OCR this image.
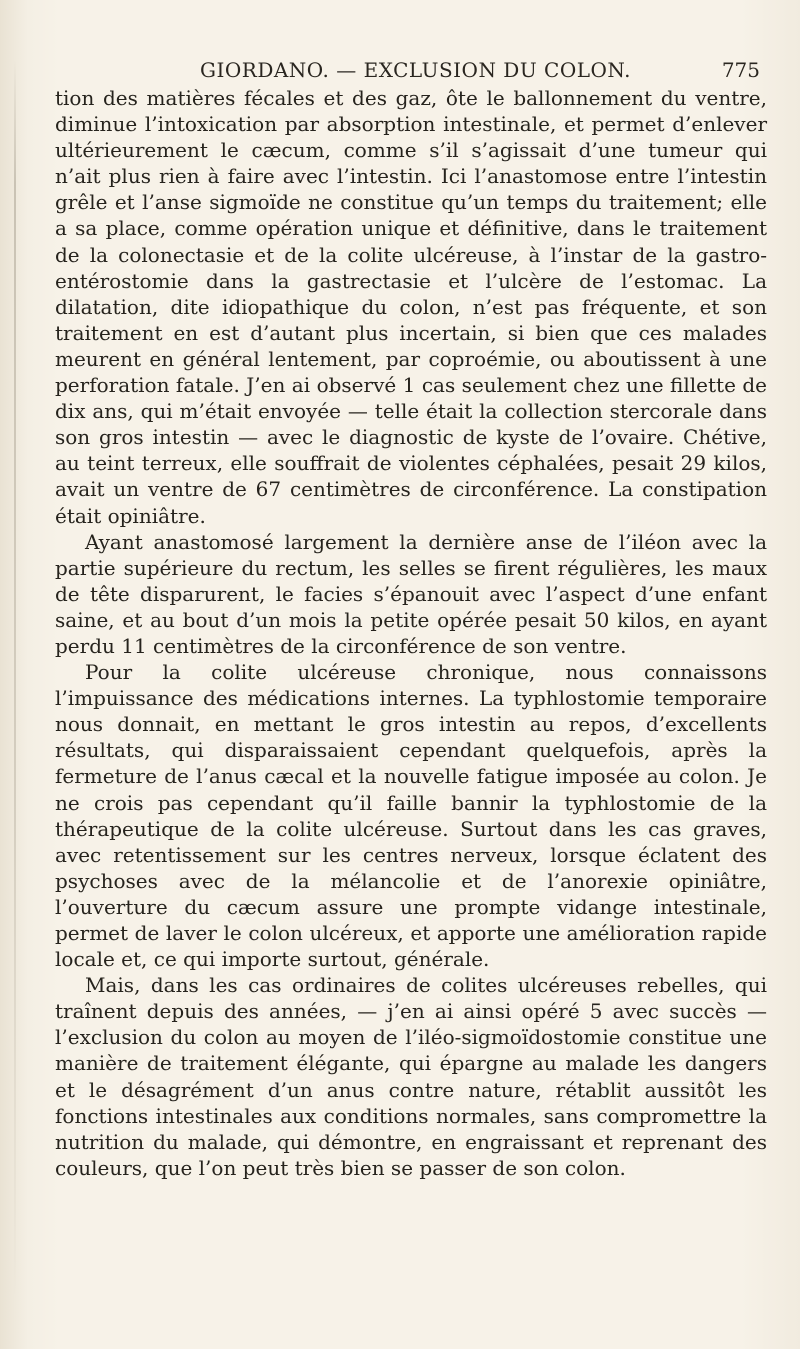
GIORDANO. — EXCLUSION DU COLON.	775

tion des matières fécales et des gaz, ôte le ballonnement du ventre, diminue l’intoxication par absorption intestinale, et permet d’enlever ultérieurement le cæcum, comme s’il s’agissait d’une tumeur qui n’ait plus rien à faire avec l’intestin. Ici l’anastomose entre l’intestin grêle et l’anse sigmoïde ne constitue qu’un temps du traitement; elle a sa place, comme opération unique et définitive, dans le traitement de la colonectasie et de la colite ulcéreuse, à l’instar de la gastro-entérostomie dans la gastrectasie et l’ulcère de l’estomac. La dilatation, dite idiopathique du colon, n’est pas fréquente, et son traitement en est d’autant plus incertain, si bien que ces malades meurent en général lentement, par coproémie, ou aboutissent à une perforation fatale. J’en ai observé 1 cas seulement chez une fillette de dix ans, qui m’était envoyée — telle était la collection stercorale dans son gros intestin — avec le diagnostic de kyste de l’ovaire. Chétive, au teint terreux, elle souffrait de violentes céphalées, pesait 29 kilos, avait un ventre de 67 centimètres de circonférence. La constipation était opiniâtre.

Ayant anastomosé largement la dernière anse de l’iléon avec la partie supérieure du rectum, les selles se firent régulières, les maux de tête disparurent, le facies s’épanouit avec l’aspect d’une enfant saine, et au bout d’un mois la petite opérée pesait 50 kilos, en ayant perdu 11 centimètres de la circonférence de son ventre.

Pour la colite ulcéreuse chronique, nous connaissons l’impuissance des médications internes. La typhlostomie temporaire nous donnait, en mettant le gros intestin au repos, d’excellents résultats, qui disparaissaient cependant quelquefois, après la fermeture de l’anus cæcal et la nouvelle fatigue imposée au colon. Je ne crois pas cependant qu’il faille bannir la typhlostomie de la thérapeutique de la colite ulcéreuse. Surtout dans les cas graves, avec retentissement sur les centres nerveux, lorsque éclatent des psychoses avec de la mélancolie et de l’anorexie opiniâtre, l’ouverture du cæcum assure une prompte vidange intestinale, permet de laver le colon ulcéreux, et apporte une amélioration rapide locale et, ce qui importe surtout, générale.

Mais, dans les cas ordinaires de colites ulcéreuses rebelles, qui traînent depuis des années, — j’en ai ainsi opéré 5 avec succès — l’exclusion du colon au moyen de l’iléo-sigmoïdostomie constitue une manière de traitement élégante, qui épargne au malade les dangers et le désagrément d’un anus contre nature, rétablit aussitôt les fonctions intestinales aux conditions normales, sans compromettre la nutrition du malade, qui démontre, en engraissant et reprenant des couleurs, que l’on peut très bien se passer de son colon.
